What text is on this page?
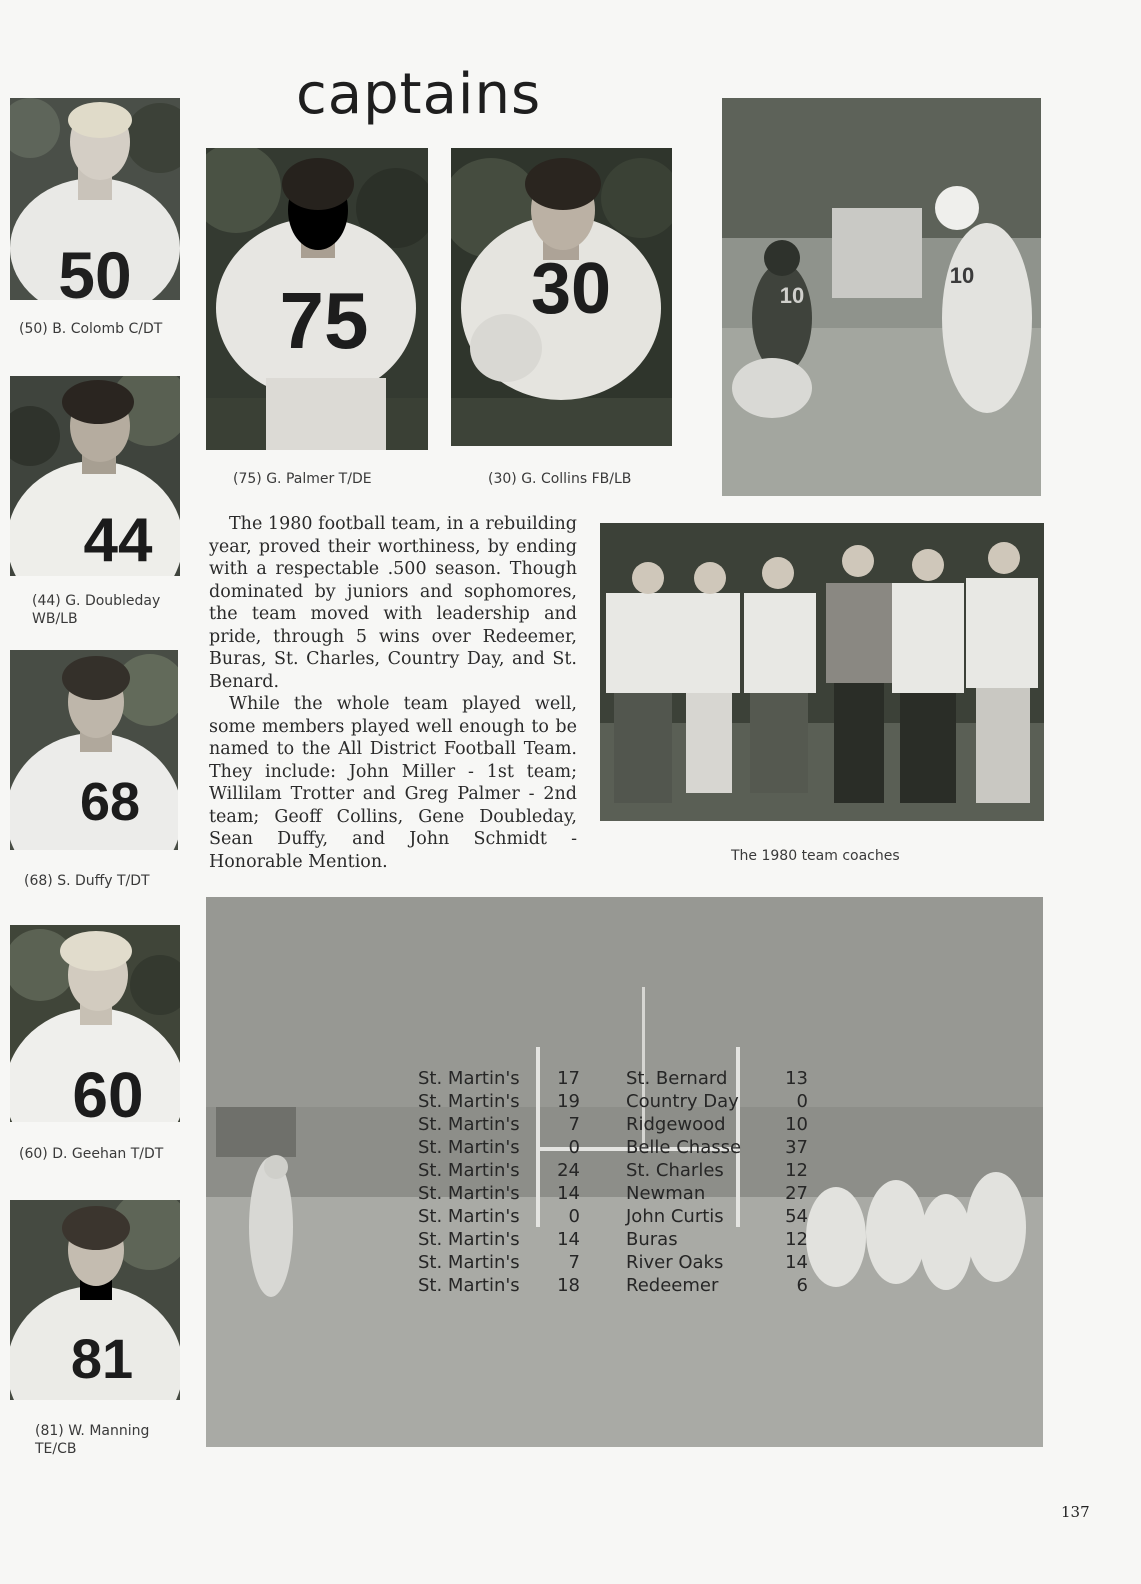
captains
50
(50) B. Colomb C/DT
44
(44) G. Doubleday WB/LB
68
(68) S. Duffy T/DT
60
(60) D. Geehan T/DT
81
(81) W. Manning TE/CB
75
(75) G. Palmer T/DE
30
(30) G. Collins FB/LB
10
10

The 1980 football team, in a rebuilding year, proved their worthiness, by ending with a respectable .500 season. Though dominated by juniors and sophomores, the team moved with leadership and pride, through 5 wins over Redeemer, Buras, St. Charles, Country Day, and St. Benard.

While the whole team played well, some members played well enough to be named to the All District Football Team. They include: John Miller - 1st team; Willilam Trotter and Greg Palmer - 2nd team; Geoff Collins, Gene Doubleday, Sean Duffy, and John Schmidt - Honorable Mention.	The 1980 team coaches
St. Martin's 17	St. Bernard	13
St. Martin's 19	Country Day	0
St. Martin's	7	Ridgewood	10
St. Martin's	0	Belle Chasse 37
St. Martin's 24	St. Charles	12
St. Martin's 14	Newman	27
St. Martin's	0	John Curtis	54
St. Martin's 14	Buras	12
St. Martin's	7	River Oaks	14
St. Martin's 18	Redeemer	6
137
